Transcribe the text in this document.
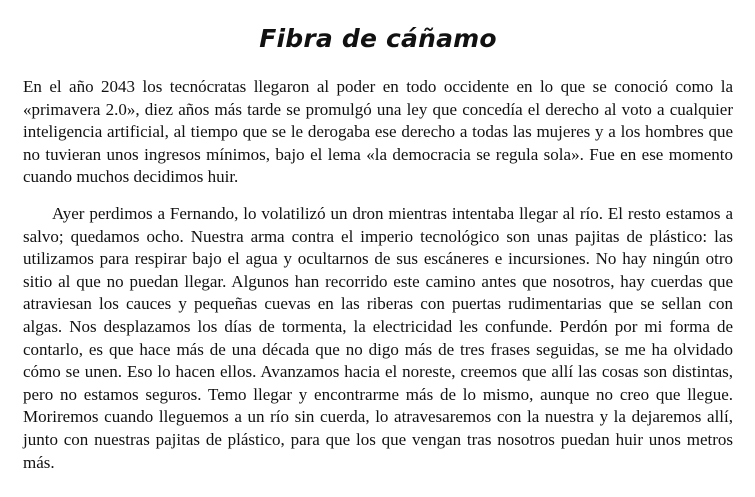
Fibra de cáñamo

En el año 2043 los tecnócratas llegaron al poder en todo occidente en lo que se conoció como la «primavera 2.0», diez años más tarde se promulgó una ley que concedía el derecho al voto a cualquier inteligencia artificial, al tiempo que se le derogaba ese derecho a todas las mujeres y a los hombres que no tuvieran unos ingresos mínimos, bajo el lema «la democracia se regula sola». Fue en ese momento cuando muchos decidimos huir.

Ayer perdimos a Fernando, lo volatilizó un dron mientras intentaba llegar al río. El resto estamos a salvo; quedamos ocho. Nuestra arma contra el imperio tecnológico son unas pajitas de plástico: las utilizamos para respirar bajo el agua y ocultarnos de sus escáneres e incursiones. No hay ningún otro sitio al que no puedan llegar. Algunos han recorrido este camino antes que nosotros, hay cuerdas que atraviesan los cauces y pequeñas cuevas en las riberas con puertas rudimentarias que se sellan con algas. Nos desplazamos los días de tormenta, la electricidad les confunde. Perdón por mi forma de contarlo, es que hace más de una década que no digo más de tres frases seguidas, se me ha olvidado cómo se unen. Eso lo hacen ellos. Avanzamos hacia el noreste, creemos que allí las cosas son distintas, pero no estamos seguros. Temo llegar y encontrarme más de lo mismo, aunque no creo que llegue. Moriremos cuando lleguemos a un río sin cuerda, lo atravesaremos con la nuestra y la dejaremos allí, junto con nuestras pajitas de plástico, para que los que vengan tras nosotros puedan huir unos metros más.
